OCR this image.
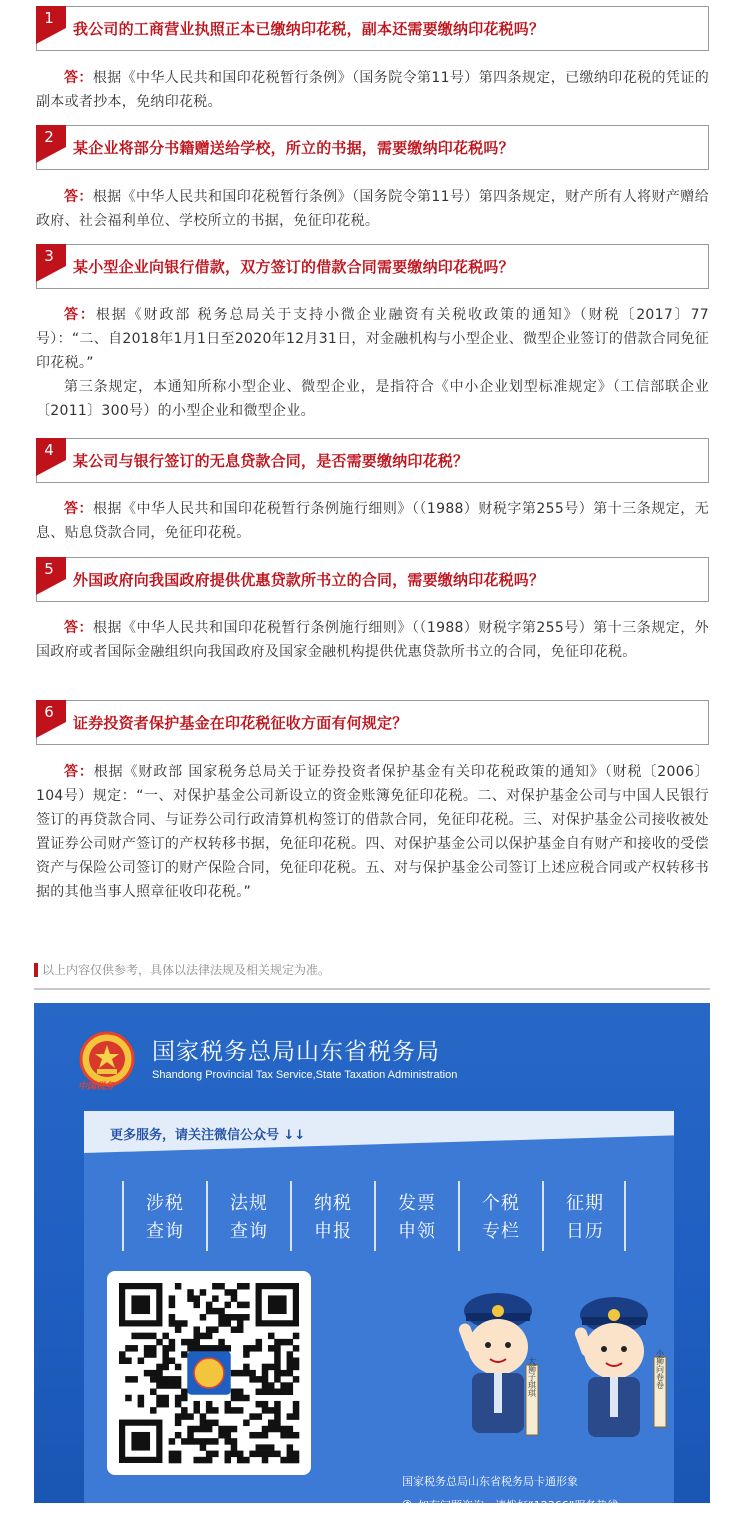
1
我公司的工商营业执照正本已缴纳印花税，副本还需要缴纳印花税吗？

答：根据《中华人民共和国印花税暂行条例》（国务院令第11号）第四条规定，已缴纳印花税的凭证的副本或者抄本，免纳印花税。

2
某企业将部分书籍赠送给学校，所立的书据，需要缴纳印花税吗？

答：根据《中华人民共和国印花税暂行条例》（国务院令第11号）第四条规定，财产所有人将财产赠给政府、社会福利单位、学校所立的书据，免征印花税。

3
某小型企业向银行借款，双方签订的借款合同需要缴纳印花税吗？

答：根据《财政部 税务总局关于支持小微企业融资有关税收政策的通知》（财税〔2017〕77号）：“二、自2018年1月1日至2020年12月31日，对金融机构与小型企业、微型企业签订的借款合同免征印花税。”

第三条规定，本通知所称小型企业、微型企业，是指符合《中小企业划型标准规定》（工信部联企业〔2011〕300号）的小型企业和微型企业。

4
某公司与银行签订的无息贷款合同，是否需要缴纳印花税？

答：根据《中华人民共和国印花税暂行条例施行细则》（（1988）财税字第255号）第十三条规定，无息、贴息贷款合同，免征印花税。

5
外国政府向我国政府提供优惠贷款所书立的合同，需要缴纳印花税吗？

答：根据《中华人民共和国印花税暂行条例施行细则》（（1988）财税字第255号）第十三条规定，外国政府或者国际金融组织向我国政府及国家金融机构提供优惠贷款所书立的合同，免征印花税。

6
证券投资者保护基金在印花税征收方面有何规定？

答：根据《财政部 国家税务总局关于证券投资者保护基金有关印花税政策的通知》（财税〔2006〕104号）规定：“一、对保护基金公司新设立的资金账簿免征印花税。二、对保护基金公司与中国人民银行签订的再贷款合同、与证券公司行政清算机构签订的借款合同，免征印花税。三、对保护基金公司接收被处置证券公司财产签订的产权转移书据，免征印花税。四、对保护基金公司以保护基金自有财产和接收的受偿资产与保险公司签订的财产保险合同，免征印花税。五、对与保护基金公司签订上述应税合同或产权转移书据的其他当事人照章征收印花税。”

以上内容仅供参考，具体以法律法规及相关规定为准。
中国税务
国家税务总局山东省税务局
Shandong Provincial Tax Service,State Taxation Administration
更多服务，请关注微信公众号 ↓↓
涉税
查询
法规
查询
纳税
申报
发票
申领
个税
专栏
征期
日历
大狮子琪琪	小狮向卷卷
国家税务总局山东省税务局卡通形象
✆ 如有问题咨询，请拨打“12366”服务热线
